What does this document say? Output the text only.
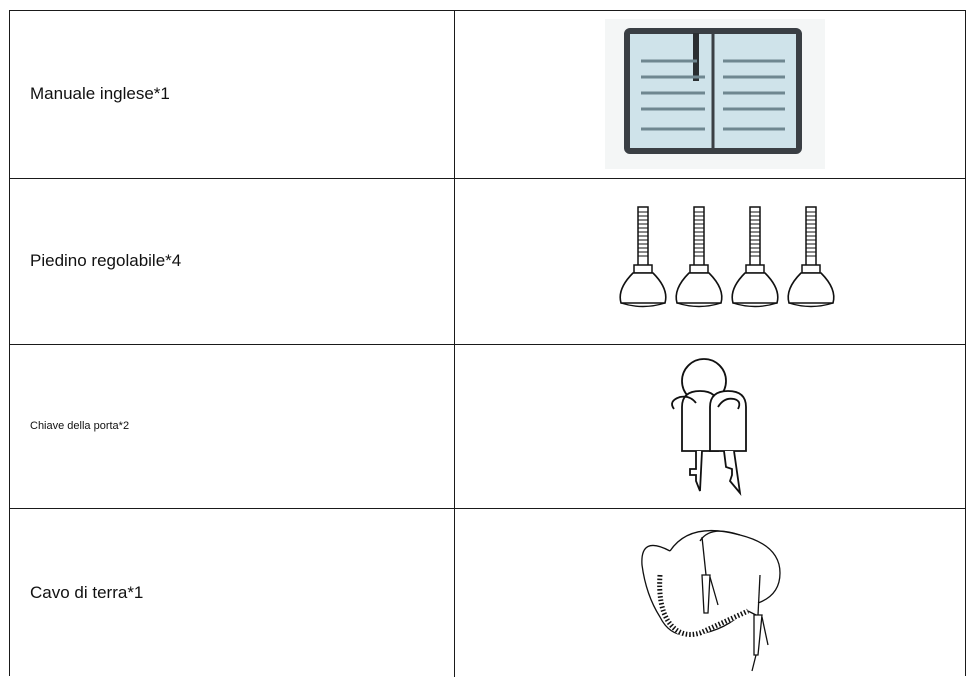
Manuale inglese*1
Piedino regolabile*4
Chiave della porta*2
Cavo di terra*1
